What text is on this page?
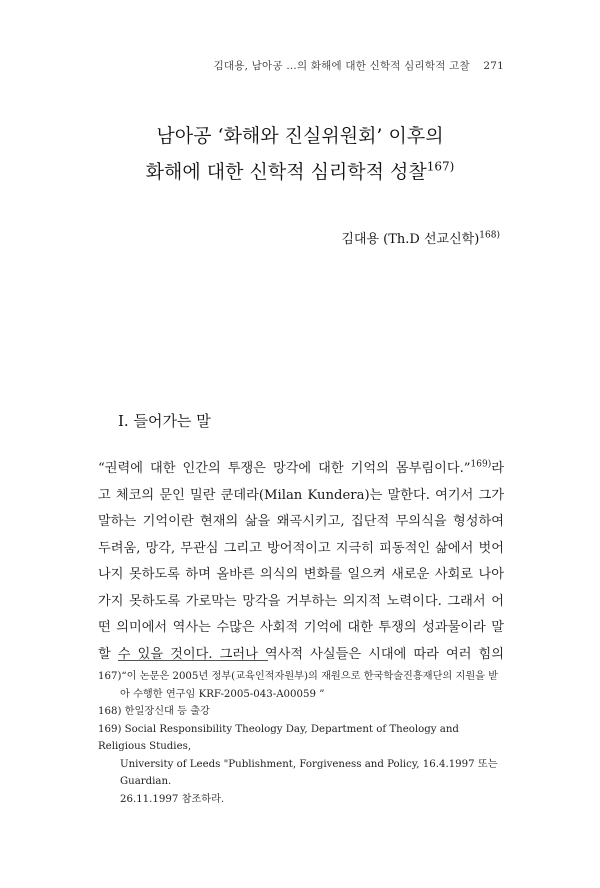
김대용, 남아공 …의 화해에 대한 신학적 심리학적 고찰 271
남아공 ‘화해와 진실위원회’ 이후의
화해에 대한 신학적 심리학적 성찰$^{167)}$
김대용 (Th.D 선교신학)$^{168)}$
I. 들어가는 말
“권력에 대한 인간의 투쟁은 망각에 대한 기억의 몸부림이다.”$^{169)}$라
고 체코의 문인 밀란 쿤데라(Milan Kundera)는 말한다. 여기서 그가
말하는 기억이란 현재의 삶을 왜곡시키고, 집단적 무의식을 형성하여
두려움, 망각, 무관심 그리고 방어적이고 지극히 피동적인 삶에서 벗어
나지 못하도록 하며 올바른 의식의 변화를 일으켜 새로운 사회로 나아
가지 못하도록 가로막는 망각을 거부하는 의지적 노력이다. 그래서 어
떤 의미에서 역사는 수많은 사회적 기억에 대한 투쟁의 성과물이라 말
할 수 있을 것이다. 그러나 역사적 사실들은 시대에 따라 여러 힘의
167)“이 논문은 2005년 정부(교육인적자원부)의 재원으로 한국학술진흥재단의 지원을 받
아 수행한 연구임 KRF-2005-043-A00059 ”
168) 한일장신대 등 출강
169) Social Responsibility Theology Day, Department of Theology and Religious Studies,
University of Leeds "Publishment, Forgiveness and Policy, 16.4.1997 또는 Guardian.
26.11.1997 참조하라.
